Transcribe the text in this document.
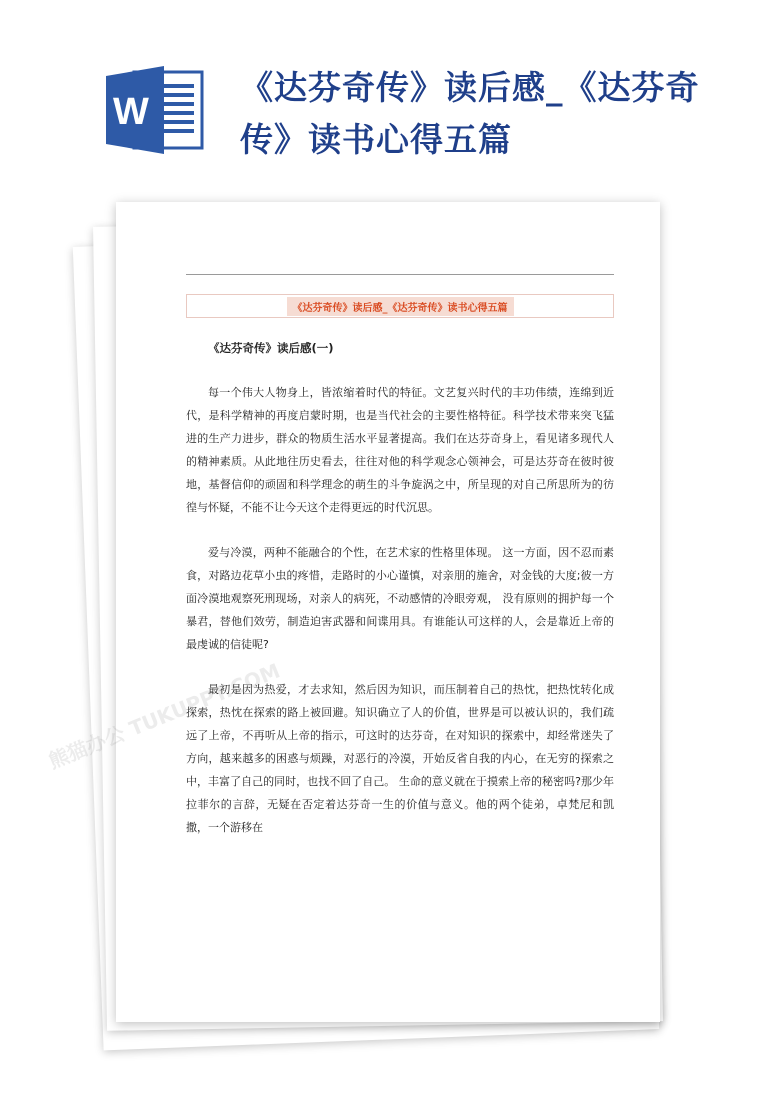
W
《达芬奇传》读后感_《达芬奇传》读书心得五篇
《达芬奇传》读后感_《达芬奇传》读书心得五篇
《达芬奇传》读后感(一)

每一个伟大人物身上，皆浓缩着时代的特征。文艺复兴时代的丰功伟绩，连绵到近代，是科学精神的再度启蒙时期，也是当代社会的主要性格特征。科学技术带来突飞猛进的生产力进步，群众的物质生活水平显著提高。我们在达芬奇身上，看见诸多现代人的精神素质。从此地往历史看去，往往对他的科学观念心领神会，可是达芬奇在彼时彼地，基督信仰的顽固和科学理念的萌生的斗争旋涡之中，所呈现的对自己所思所为的彷徨与怀疑，不能不让今天这个走得更远的时代沉思。

爱与冷漠，两种不能融合的个性，在艺术家的性格里体现。 这一方面，因不忍而素食，对路边花草小虫的疼惜，走路时的小心谨慎，对亲朋的施舍，对金钱的大度;彼一方面冷漠地观察死刑现场，对亲人的病死，不动感情的冷眼旁观， 没有原则的拥护每一个暴君，替他们效劳，制造迫害武器和间谍用具。有谁能认可这样的人，会是靠近上帝的最虔诚的信徒呢?

最初是因为热爱，才去求知，然后因为知识，而压制着自己的热忱，把热忱转化成探索，热忱在探索的路上被回避。知识确立了人的价值，世界是可以被认识的，我们疏远了上帝，不再听从上帝的指示，可这时的达芬奇，在对知识的探索中，却经常迷失了方向，越来越多的困惑与烦躁，对恶行的冷漠，开始反省自我的内心，在无穷的探索之中，丰富了自己的同时，也找不回了自己。 生命的意义就在于摸索上帝的秘密吗?那少年拉菲尔的言辞，无疑在否定着达芬奇一生的价值与意义。他的两个徒弟，卓梵尼和凯撒，一个游移在

熊猫办公
